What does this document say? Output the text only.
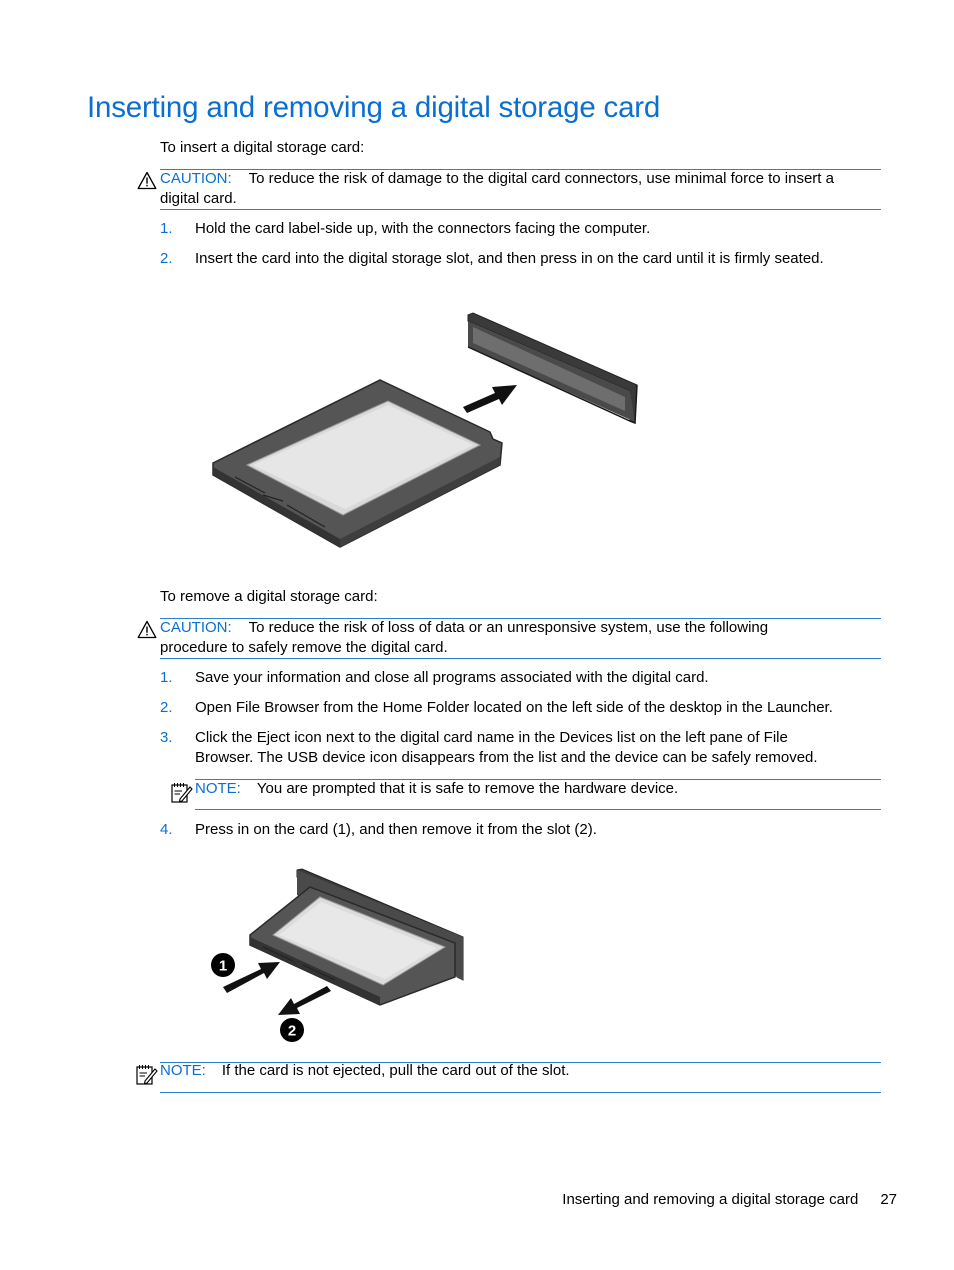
Inserting and removing a digital storage card
To insert a digital storage card:
CAUTION: To reduce the risk of damage to the digital card connectors, use minimal force to insert a
digital card.
1. Hold the card label-side up, with the connectors facing the computer.
2. Insert the card into the digital storage slot, and then press in on the card until it is firmly seated.
To remove a digital storage card:
CAUTION: To reduce the risk of loss of data or an unresponsive system, use the following
procedure to safely remove the digital card.
1. Save your information and close all programs associated with the digital card.
2. Open File Browser from the Home Folder located on the left side of the desktop in the Launcher.
3. Click the Eject icon next to the digital card name in the Devices list on the left pane of File
Browser. The USB device icon disappears from the list and the device can be safely removed.
NOTE: You are prompted that it is safe to remove the hardware device.
4. Press in on the card (1), and then remove it from the slot (2).
1
2
NOTE: If the card is not ejected, pull the card out of the slot.
Inserting and removing a digital storage card 27
